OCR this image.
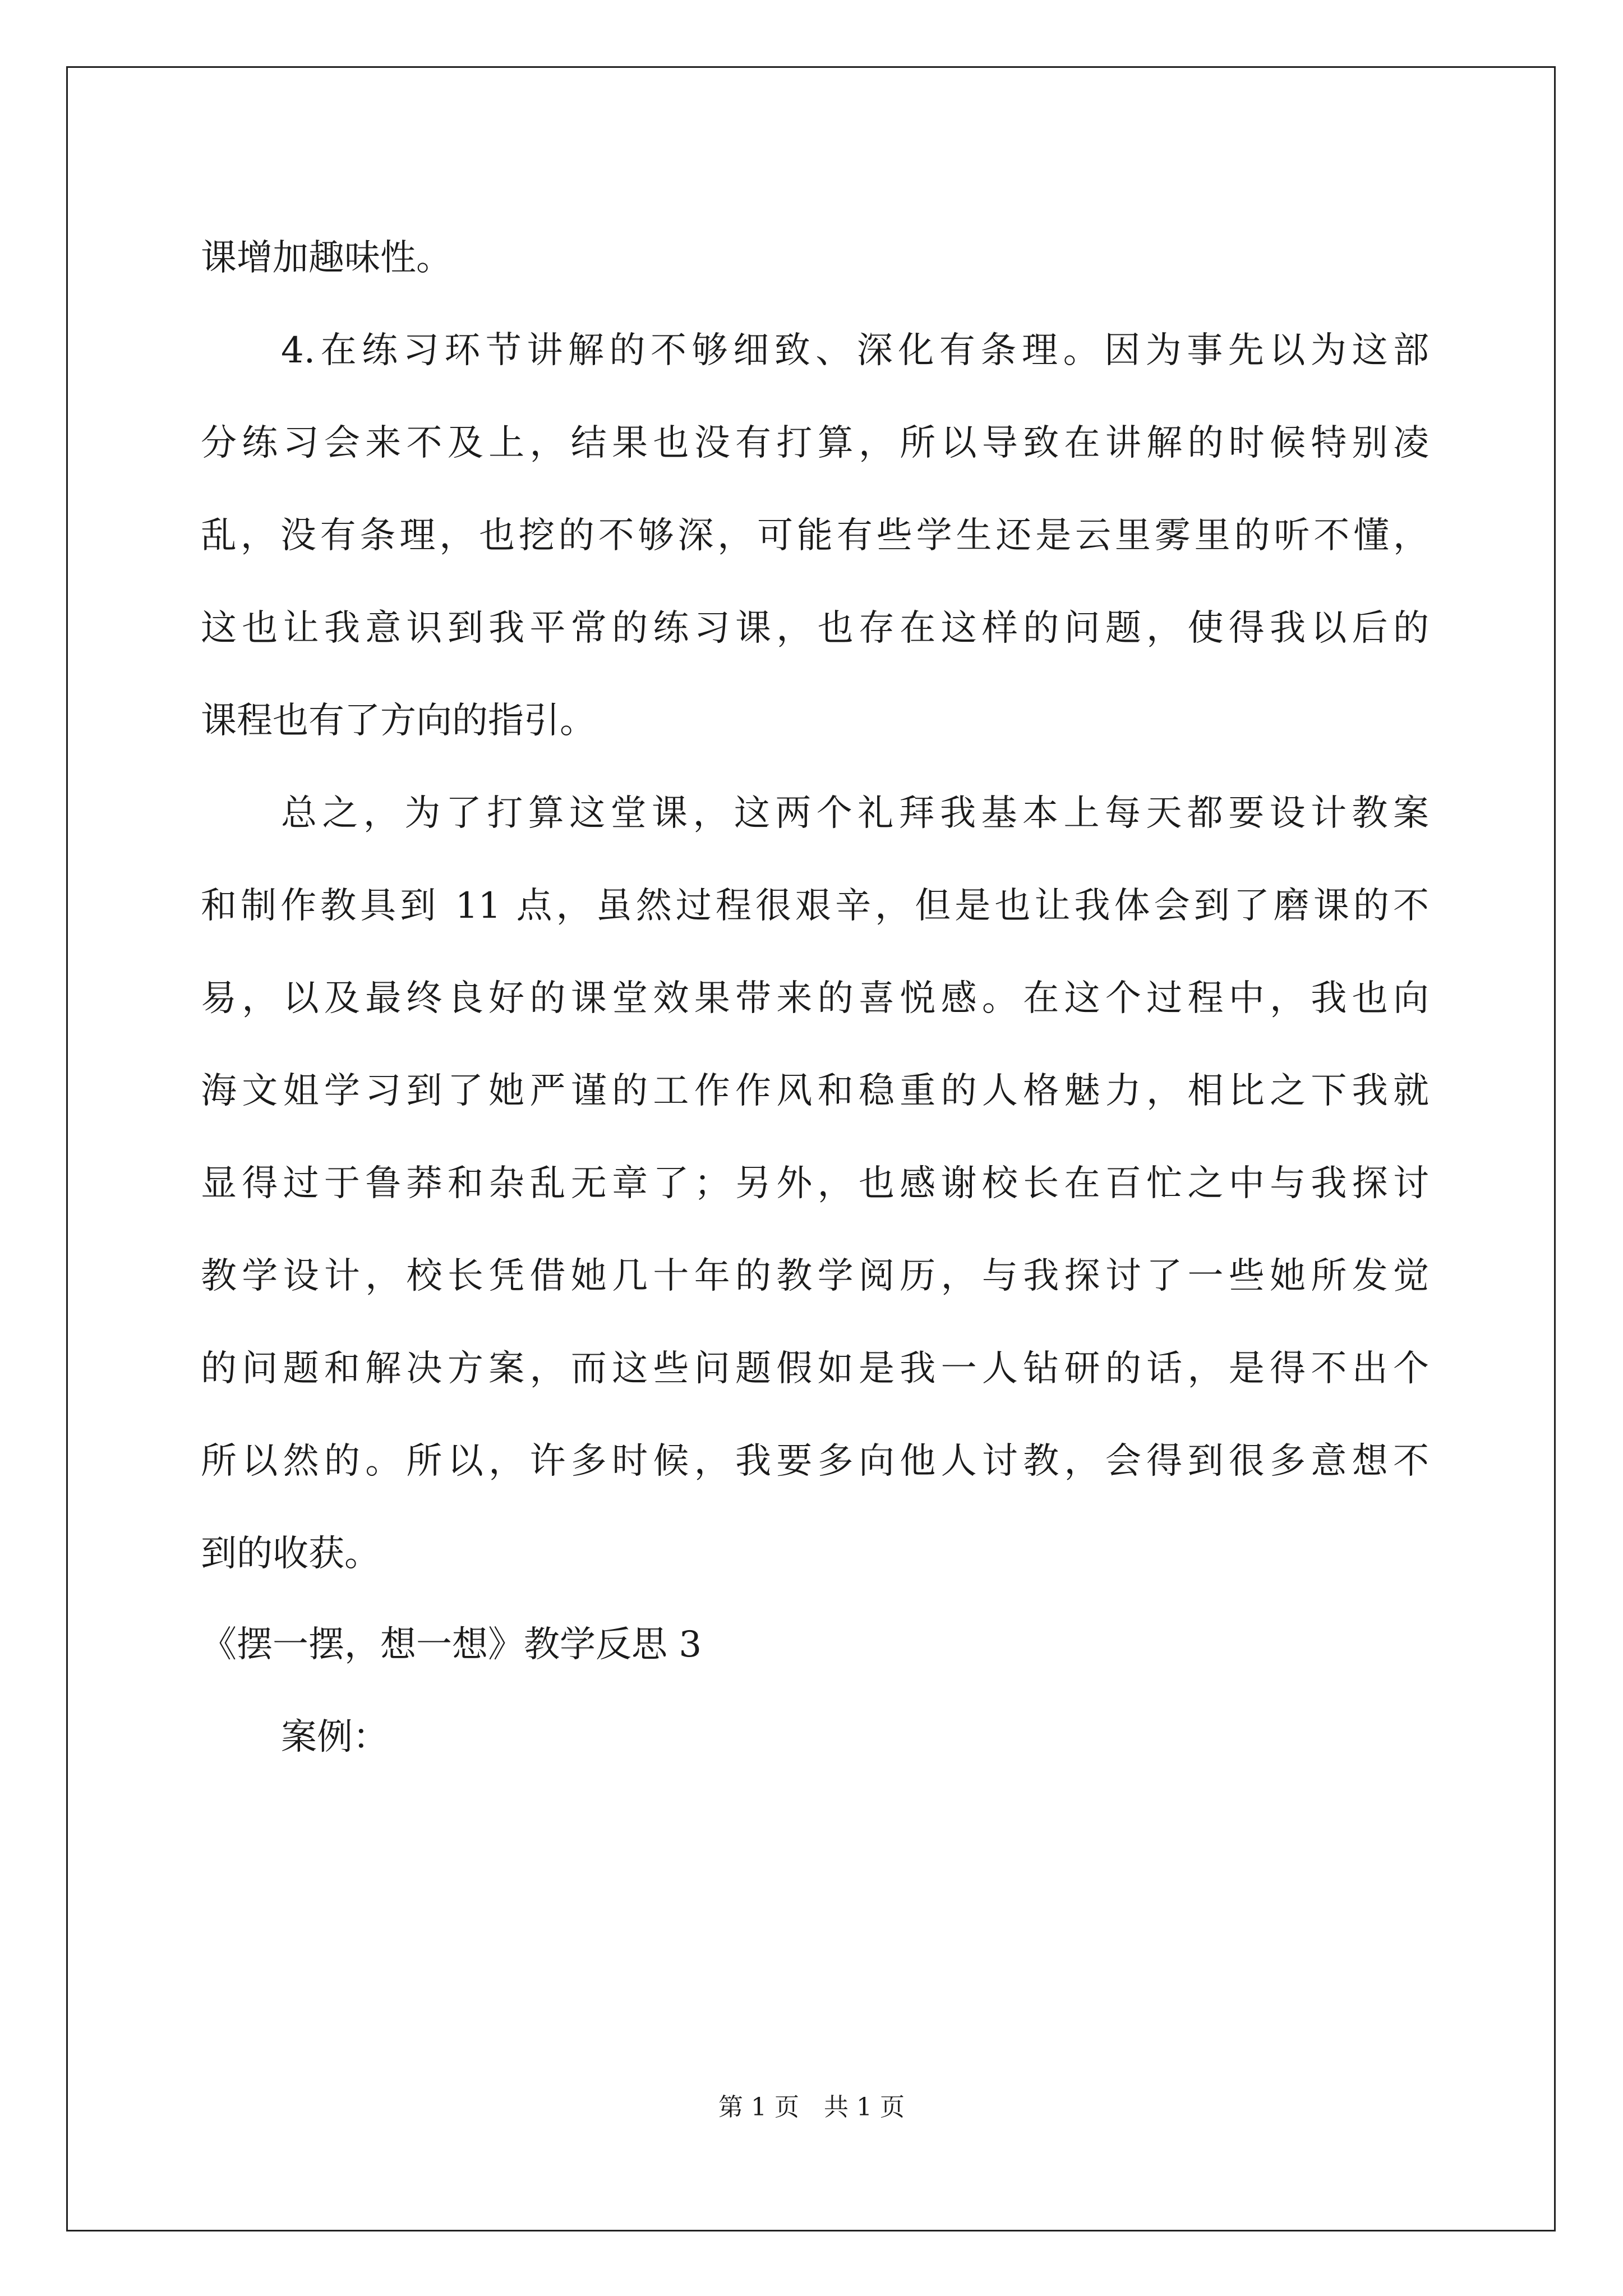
课增加趣味性。
4.在练习环节讲解的不够细致、深化有条理。因为事先以为这部
分练习会来不及上，结果也没有打算，所以导致在讲解的时候特别凌
乱，没有条理，也挖的不够深，可能有些学生还是云里雾里的听不懂，
这也让我意识到我平常的练习课，也存在这样的问题，使得我以后的
课程也有了方向的指引。
总之，为了打算这堂课，这两个礼拜我基本上每天都要设计教案
和制作教具到 11 点，虽然过程很艰辛，但是也让我体会到了磨课的不
易，以及最终良好的课堂效果带来的喜悦感。在这个过程中，我也向
海文姐学习到了她严谨的工作作风和稳重的人格魅力，相比之下我就
显得过于鲁莽和杂乱无章了；另外，也感谢校长在百忙之中与我探讨
教学设计，校长凭借她几十年的教学阅历，与我探讨了一些她所发觉
的问题和解决方案，而这些问题假如是我一人钻研的话，是得不出个
所以然的。所以，许多时候，我要多向他人讨教，会得到很多意想不
到的收获。
《摆一摆，想一想》教学反思 3
案例：
第 1 页　共 1 页
